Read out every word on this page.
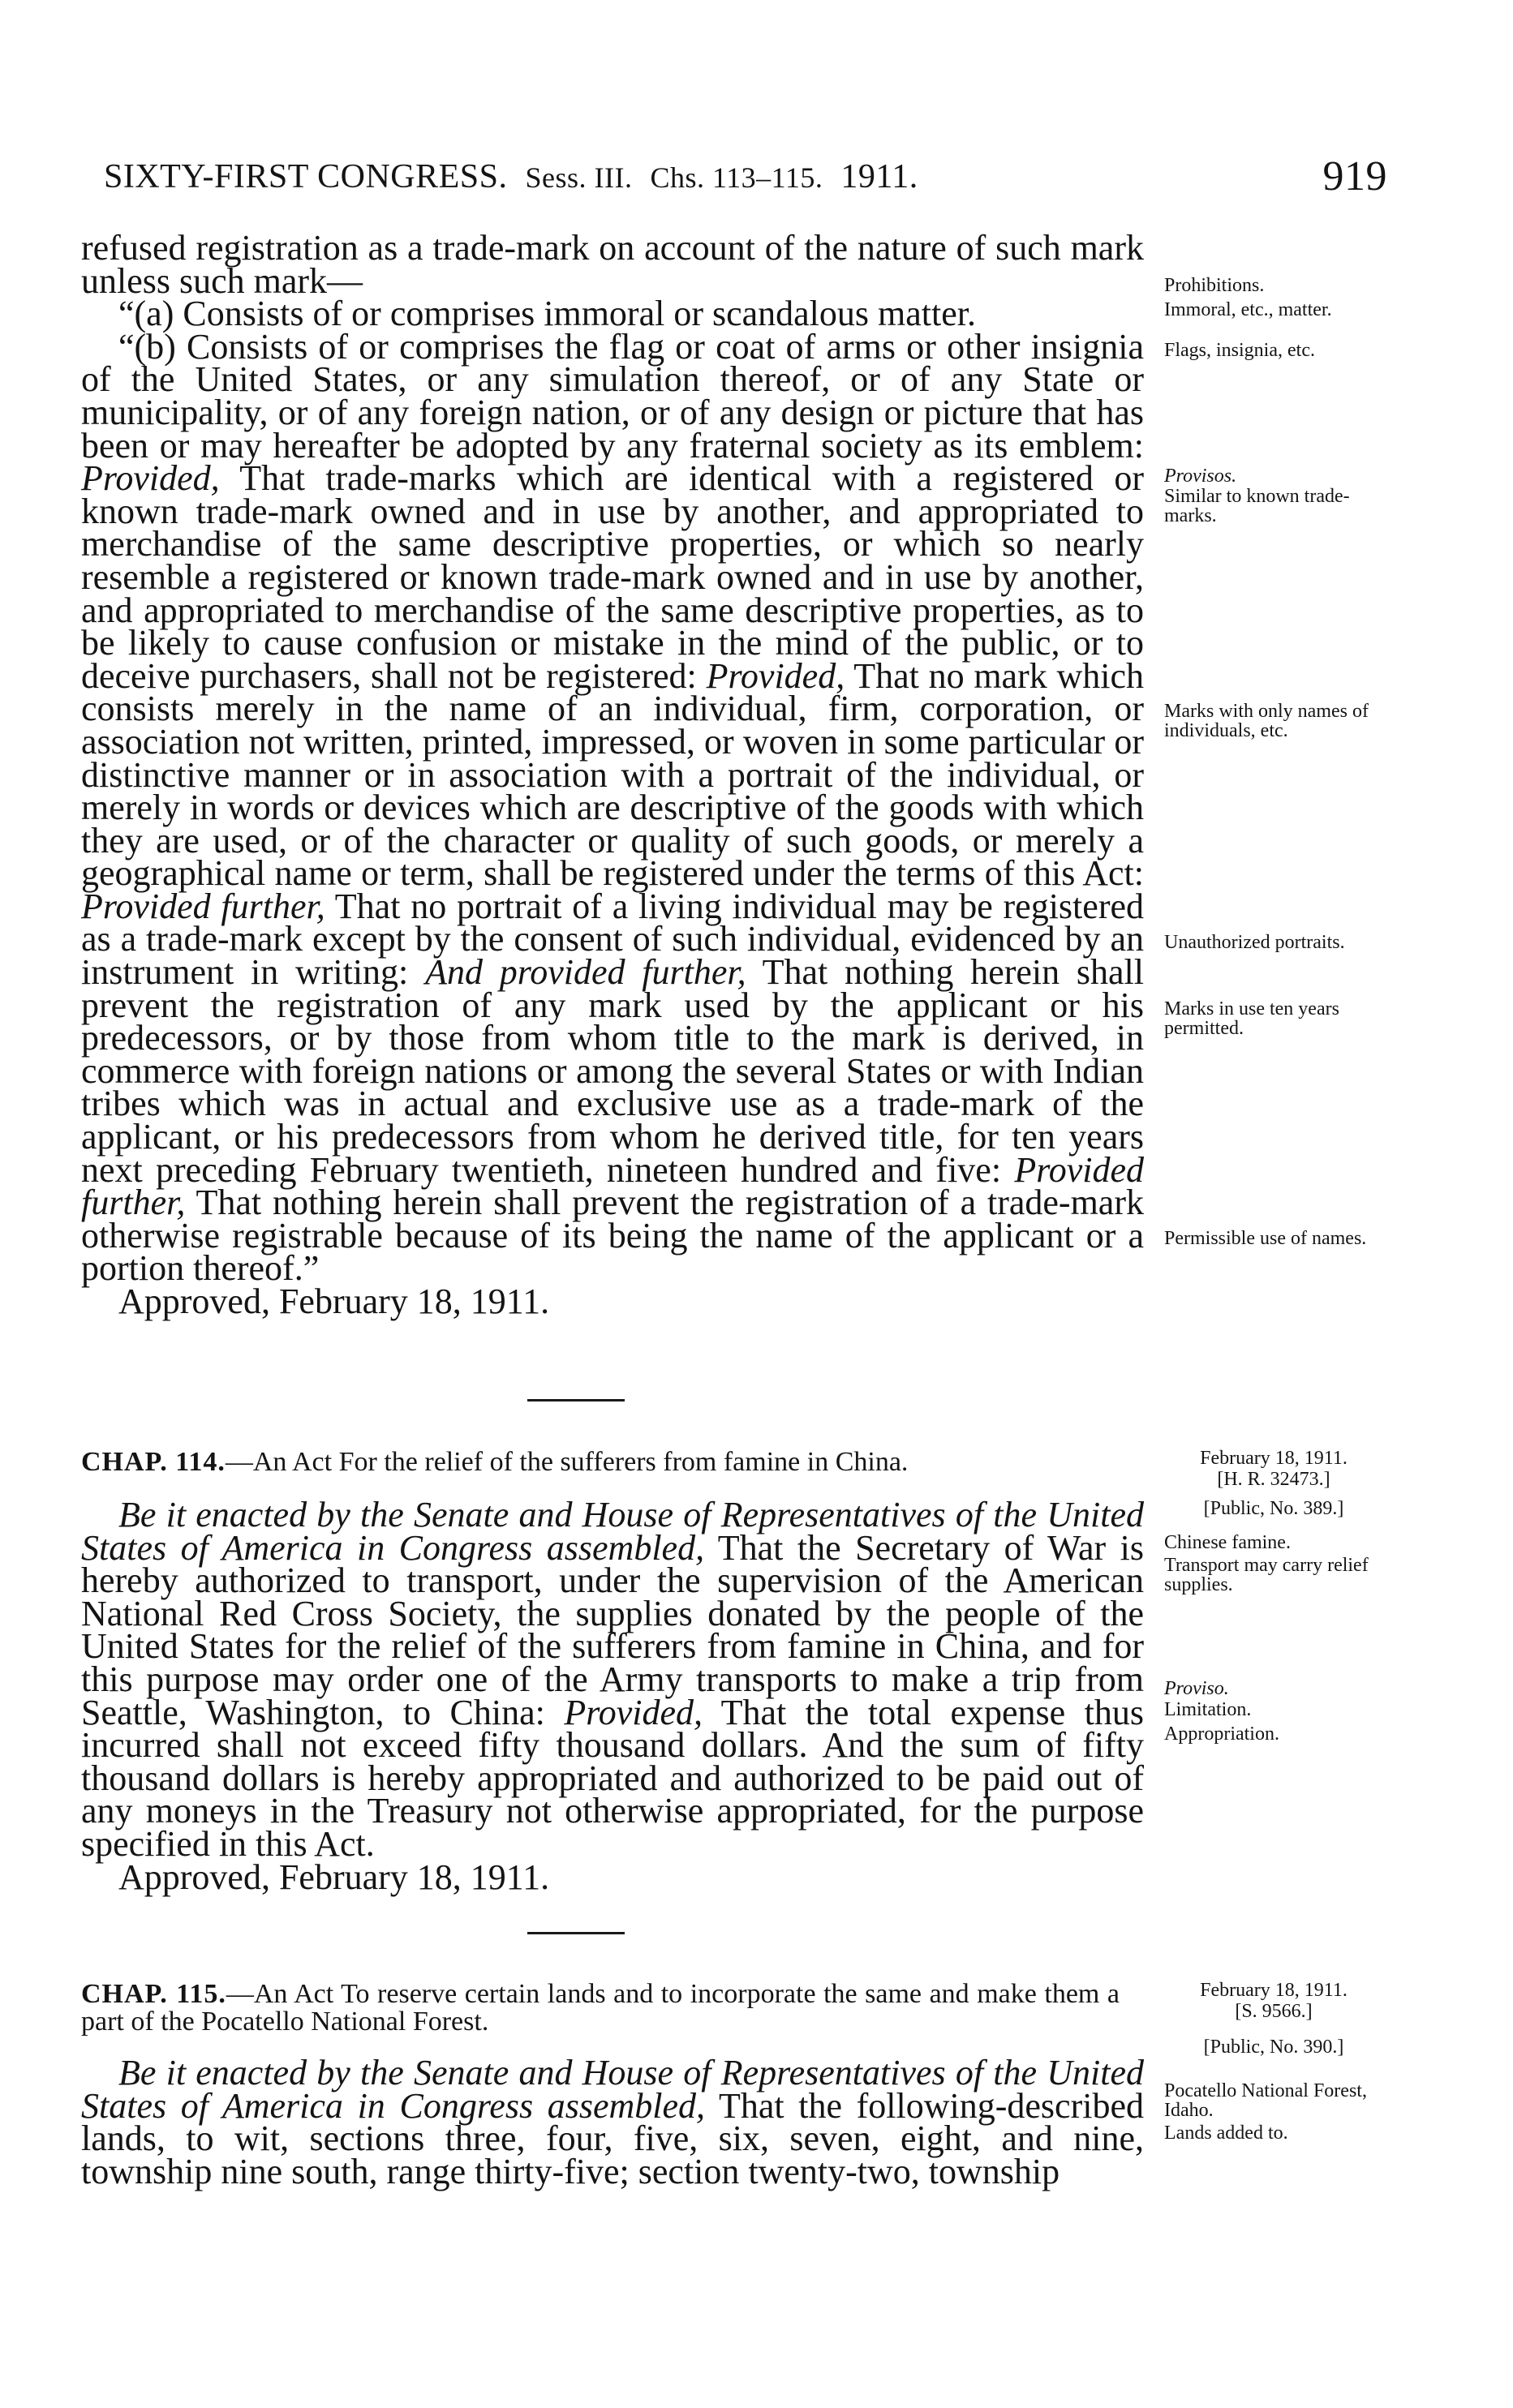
SIXTY-FIRST CONGRESS. Sess. III. Chs. 113–115. 1911.	919

refused registration as a trade-mark on account of the nature of such mark unless such mark—

“(a) Consists of or comprises immoral or scandalous matter.

“(b) Consists of or comprises the flag or coat of arms or other insignia of the United States, or any simulation thereof, or of any State or municipality, or of any foreign nation, or of any design or picture that has been or may hereafter be adopted by any fraternal society as its emblem: Provided, That trade-marks which are identical with a registered or known trade-mark owned and in use by another, and appropriated to merchandise of the same descriptive properties, or which so nearly resemble a registered or known trade-mark owned and in use by another, and appropriated to merchandise of the same descriptive properties, as to be likely to cause confusion or mistake in the mind of the public, or to deceive purchasers, shall not be registered: Provided, That no mark which consists merely in the name of an individual, firm, corporation, or association not written, printed, impressed, or woven in some particular or distinctive manner or in association with a portrait of the individual, or merely in words or devices which are descriptive of the goods with which they are used, or of the character or quality of such goods, or merely a geographical name or term, shall be registered under the terms of this Act: Provided further, That no portrait of a living individual may be registered as a trade-mark except by the consent of such individual, evidenced by an instrument in writing: And provided further, That nothing herein shall prevent the registration of any mark used by the applicant or his predecessors, or by those from whom title to the mark is derived, in commerce with foreign nations or among the several States or with Indian tribes which was in actual and exclusive use as a trade-mark of the applicant, or his predecessors from whom he derived title, for ten years next preceding February twentieth, nineteen hundred and five: Provided further, That nothing herein shall prevent the registration of a trade-mark otherwise registrable because of its being the name of the applicant or a portion thereof.”

Approved, February 18, 1911.

Prohibitions.
Immoral, etc., matter.
Flags, insignia, etc.
Provisos.
Similar to known trade-marks.
Marks with only names of individuals, etc.
Unauthorized portraits.
Marks in use ten years permitted.
Permissible use of names.
CHAP. 114.—An Act For the relief of the sufferers from famine in China.

Be it enacted by the Senate and House of Representatives of the United States of America in Congress assembled, That the Secretary of War is hereby authorized to transport, under the supervision of the American National Red Cross Society, the supplies donated by the people of the United States for the relief of the sufferers from famine in China, and for this purpose may order one of the Army transports to make a trip from Seattle, Washington, to China: Provided, That the total expense thus incurred shall not exceed fifty thousand dollars. And the sum of fifty thousand dollars is hereby appropriated and authorized to be paid out of any moneys in the Treasury not otherwise appropriated, for the purpose specified in this Act.

Approved, February 18, 1911.

February 18, 1911.
[H. R. 32473.]
[Public, No. 389.]
Chinese famine.
Transport may carry relief supplies.
Proviso.
Limitation.
Appropriation.
CHAP. 115.—An Act To reserve certain lands and to incorporate the same and make them a part of the Pocatello National Forest.

Be it enacted by the Senate and House of Representatives of the United States of America in Congress assembled, That the following-described lands, to wit, sections three, four, five, six, seven, eight, and nine, township nine south, range thirty-five; section twenty-two, township

February 18, 1911.
[S. 9566.]
[Public, No. 390.]
Pocatello National Forest, Idaho.
Lands added to.
